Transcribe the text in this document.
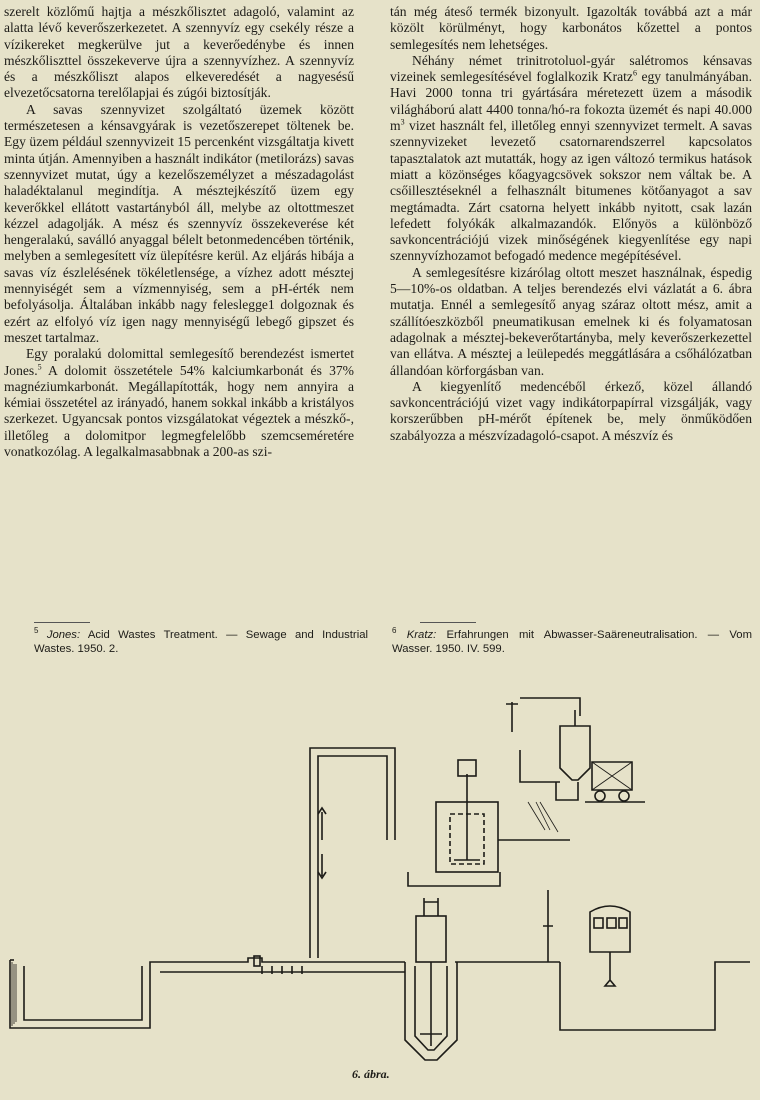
szerelt közlőmű hajtja a mészkőlisztet adagoló, valamint az alatta lévő keverőszerkezetet. A szennyvíz egy csekély része a vízikereket megkerülve jut a keverőedénybe és innen mészkőliszttel összekeverve újra a szennyvízhez. A szennyvíz és a mészkőliszt alapos elkeveredését a nagyesésű elvezetőcsatorna terelőlapjai és zúgói biztosítják.

A savas szennyvizet szolgáltató üzemek között természetesen a kénsavgyárak is vezetőszerepet töltenek be. Egy üzem például szennyvizeit 15 percenként vizsgáltatja kivett minta útján. Amennyiben a használt indikátor (metilorázs) savas szennyvizet mutat, úgy a kezelőszemélyzet a mészadagolást haladéktalanul megindítja. A mésztejkészítő üzem egy keverőkkel ellátott vastartányból áll, melybe az oltottmeszet kézzel adagolják. A mész és szennyvíz összekeverése két hengeralakú, saválló anyaggal bélelt betonmedencében történik, melyben a semlegesített víz ülepítésre kerül. Az eljárás hibája a savas víz észlelésének tökéletlensége, a vízhez adott mésztej mennyiségét sem a vízmennyiség, sem a pH-érték nem befolyásolja. Általában inkább nagy feleslegge1 dolgoznak és ezért az elfolyó víz igen nagy mennyiségű lebegő gipszet és meszet tartalmaz.

Egy poralakú dolomittal semlegesítő berendezést ismertet Jones.$^5$ A dolomit összetétele 54% kalciumkarbonát és 37% magnéziumkarbonát. Megállapították, hogy nem annyira a kémiai összetétel az irányadó, hanem sokkal inkább a kristályos szerkezet. Ugyancsak pontos vizsgálatokat végeztek a mészkő-, illetőleg a dolomitpor legmegfelelőbb szemcseméretére vonatkozólag. A legalkalmasabbnak a 200-as szi-

tán még áteső termék bizonyult. Igazolták továbbá azt a már közölt körülményt, hogy karbonátos kőzettel a pontos semlegesítés nem lehetséges.

Néhány német trinitrotoluol-gyár salétromos kénsavas vizeinek semlegesítésével foglalkozik Kratz$^6$ egy tanulmányában. Havi 2000 tonna tri gyártására méretezett üzem a második világháború alatt 4400 tonna/hó-ra fokozta üzemét és napi 40.000 $m^3$ vizet használt fel, illetőleg ennyi szennyvizet termelt. A savas szennyvizeket levezető csatornarendszerrel kapcsolatos tapasztalatok azt mutatták, hogy az igen változó termikus hatások miatt a közönséges kőagyagcsövek sokszor nem váltak be. A csőillesztéseknél a felhasznált bitumenes kötőanyagot a sav megtámadta. Zárt csatorna helyett inkább nyitott, csak lazán lefedett folyókák alkalmazandók. Előnyös a különböző savkoncentrációjú vizek minőségének kiegyenlítése egy napi szennyvízhozamot befogadó medence megépítésével.

A semlegesítésre kizárólag oltott meszet használnak, éspedig 5—10%-os oldatban. A teljes berendezés elvi vázlatát a 6. ábra mutatja. Ennél a semlegesítő anyag száraz oltott mész, amit a szállítóeszközből pneumatikusan emelnek ki és folyamatosan adagolnak a mésztej-bekeverőtartányba, mely keverőszerkezettel van ellátva. A mésztej a leülepedés meggátlására a csőhálózatban állandóan körforgásban van.

A kiegyenlítő medencéből érkező, közel állandó savkoncentrációjú vizet vagy indikátorpapírral vizsgálják, vagy korszerűbben pH-mérőt építenek be, mely önműködően szabályozza a mészvízadagoló-csapot. A mészvíz és

$^5$ Jones: Acid Wastes Treatment. — Sewage and Industrial Wastes. 1950. 2.
$^6$ Kratz: Erfahrungen mit Abwasser-Saäreneutralisation. — Vom Wasser. 1950. IV. 599.
6. ábra.
